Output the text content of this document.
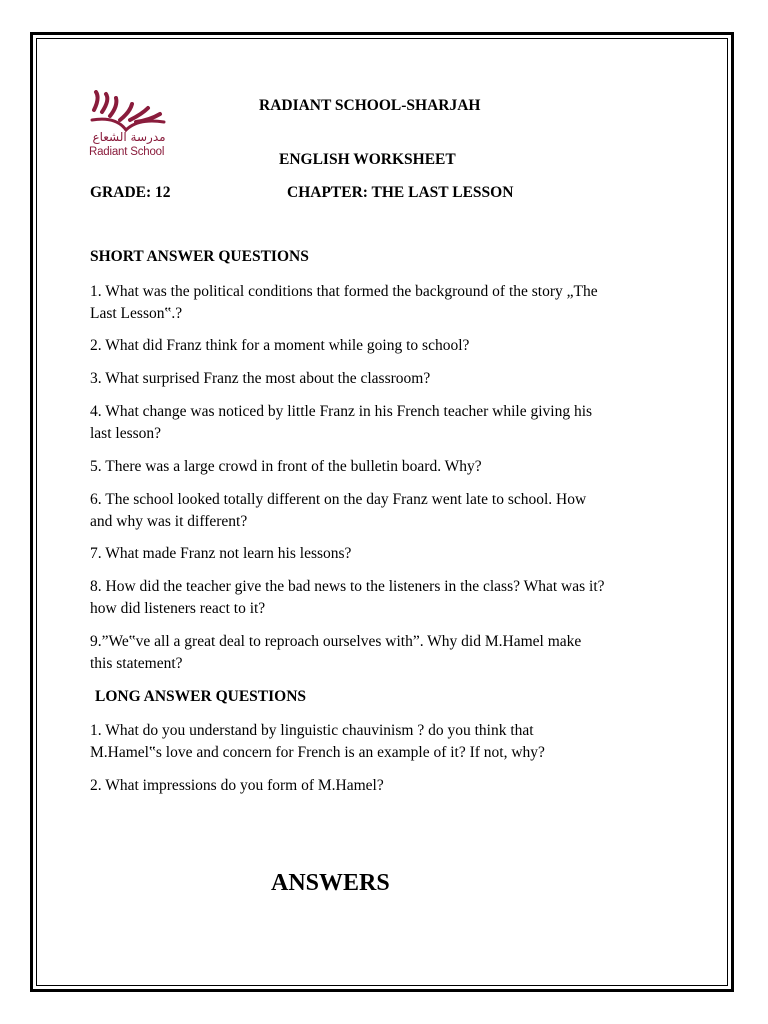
مدرسة الشعاع
Radiant School
RADIANT SCHOOL-SHARJAH
ENGLISH WORKSHEET
GRADE: 12	CHAPTER: THE LAST LESSON
SHORT ANSWER QUESTIONS
1. What was the political conditions that formed the background of the story „The
Last Lesson‟.?
2. What did Franz think for a moment while going to school?
3. What surprised Franz the most about the classroom?
4. What change was noticed by little Franz in his French teacher while giving his
last lesson?
5. There was a large crowd in front of the bulletin board. Why?
6. The school looked totally different on the day Franz went late to school. How
and why was it different?
7. What made Franz not learn his lessons?
8. How did the teacher give the bad news to the listeners in the class? What was it?
how did listeners react to it?
9.”We‟ve all a great deal to reproach ourselves with”. Why did M.Hamel make
this statement?
LONG ANSWER QUESTIONS
1. What do you understand by linguistic chauvinism ? do you think that
M.Hamel‟s love and concern for French is an example of it? If not, why?
2. What impressions do you form of M.Hamel?
ANSWERS
